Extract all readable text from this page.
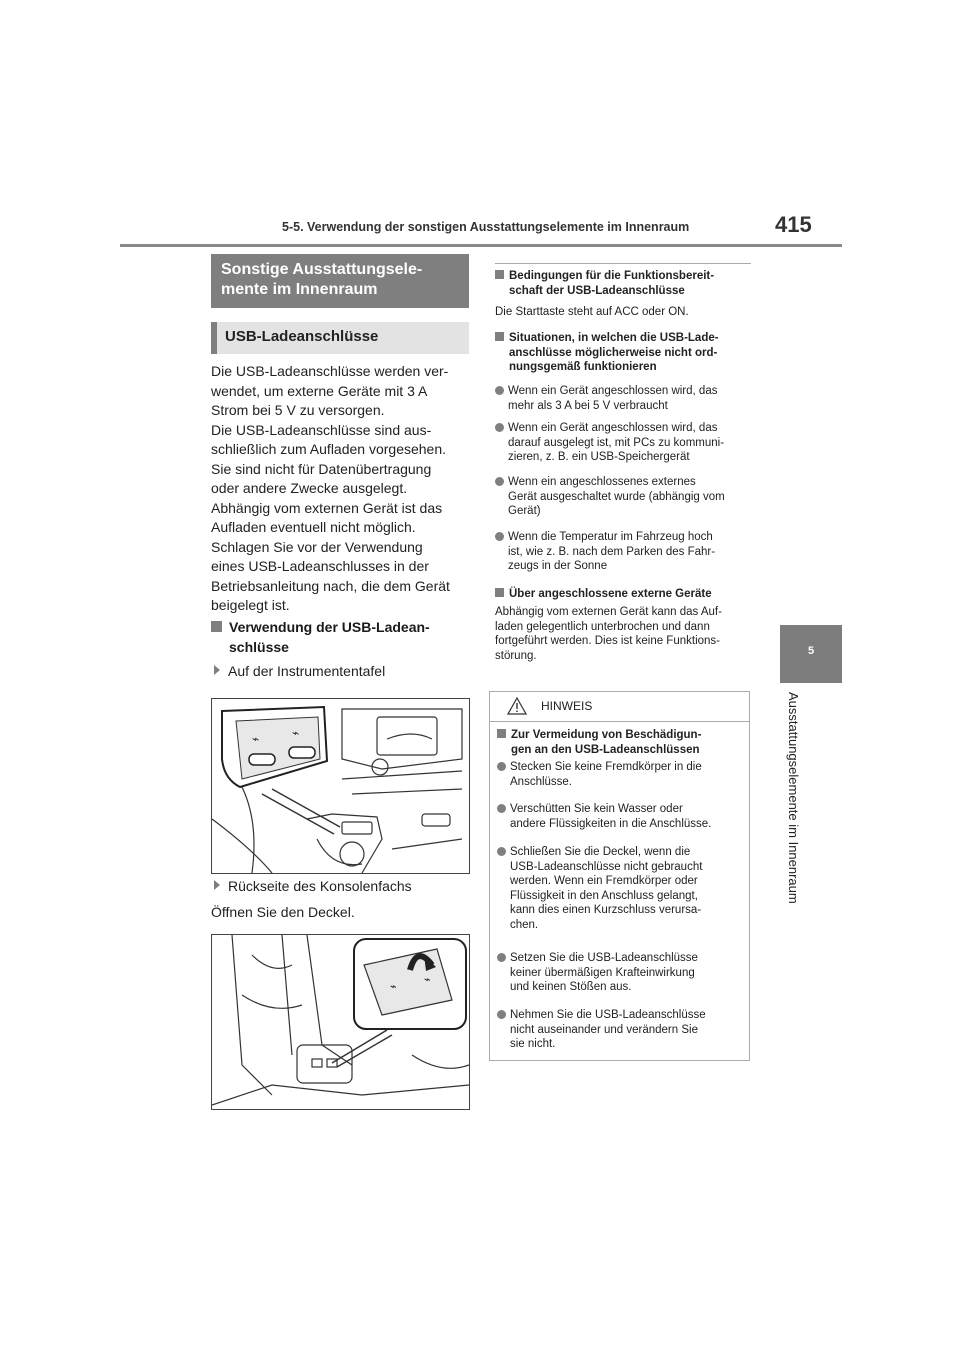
5-5. Verwendung der sonstigen Ausstattungselemente im Innenraum	415
5
Ausstattungselemente im Innenraum
Sonstige Ausstattungsele-
mente im Innenraum
USB-Ladeanschlüsse

Die USB-Ladeanschlüsse werden ver-

wendet, um externe Geräte mit 3 A

Strom bei 5 V zu versorgen.

Die USB-Ladeanschlüsse sind aus-

schließlich zum Aufladen vorgesehen.

Sie sind nicht für Datenübertragung

oder andere Zwecke ausgelegt.

Abhängig vom externen Gerät ist das

Aufladen eventuell nicht möglich.

Schlagen Sie vor der Verwendung

eines USB-Ladeanschlusses in der

Betriebsanleitung nach, die dem Gerät

beigelegt ist.

Verwendung der USB-Ladean-
schlüsse
Auf der Instrumententafel
⌁	⌁
Rückseite des Konsolenfachs
Öffnen Sie den Deckel.
⌁
⌁
Bedingungen für die Funktionsbereit-
schaft der USB-Ladeanschlüsse
Die Starttaste steht auf ACC oder ON.
Situationen, in welchen die USB-Lade-
anschlüsse möglicherweise nicht ord-
nungsgemäß funktionieren
Wenn ein Gerät angeschlossen wird, das
mehr als 3 A bei 5 V verbraucht
Wenn ein Gerät angeschlossen wird, das
darauf ausgelegt ist, mit PCs zu kommuni-
zieren, z. B. ein USB-Speichergerät
Wenn ein angeschlossenes externes
Gerät ausgeschaltet wurde (abhängig vom
Gerät)
Wenn die Temperatur im Fahrzeug hoch
ist, wie z. B. nach dem Parken des Fahr-
zeugs in der Sonne
Über angeschlossene externe Geräte
Abhängig vom externen Gerät kann das Auf-
laden gelegentlich unterbrochen und dann
fortgeführt werden. Dies ist keine Funktions-
störung.
HINWEIS
Zur Vermeidung von Beschädigun-
gen an den USB-Ladeanschlüssen
Stecken Sie keine Fremdkörper in die
Anschlüsse.
Verschütten Sie kein Wasser oder
andere Flüssigkeiten in die Anschlüsse.
Schließen Sie die Deckel, wenn die
USB-Ladeanschlüsse nicht gebraucht
werden. Wenn ein Fremdkörper oder
Flüssigkeit in den Anschluss gelangt,
kann dies einen Kurzschluss verursa-
chen.
Setzen Sie die USB-Ladeanschlüsse
keiner übermäßigen Krafteinwirkung
und keinen Stößen aus.
Nehmen Sie die USB-Ladeanschlüsse
nicht auseinander und verändern Sie
sie nicht.
